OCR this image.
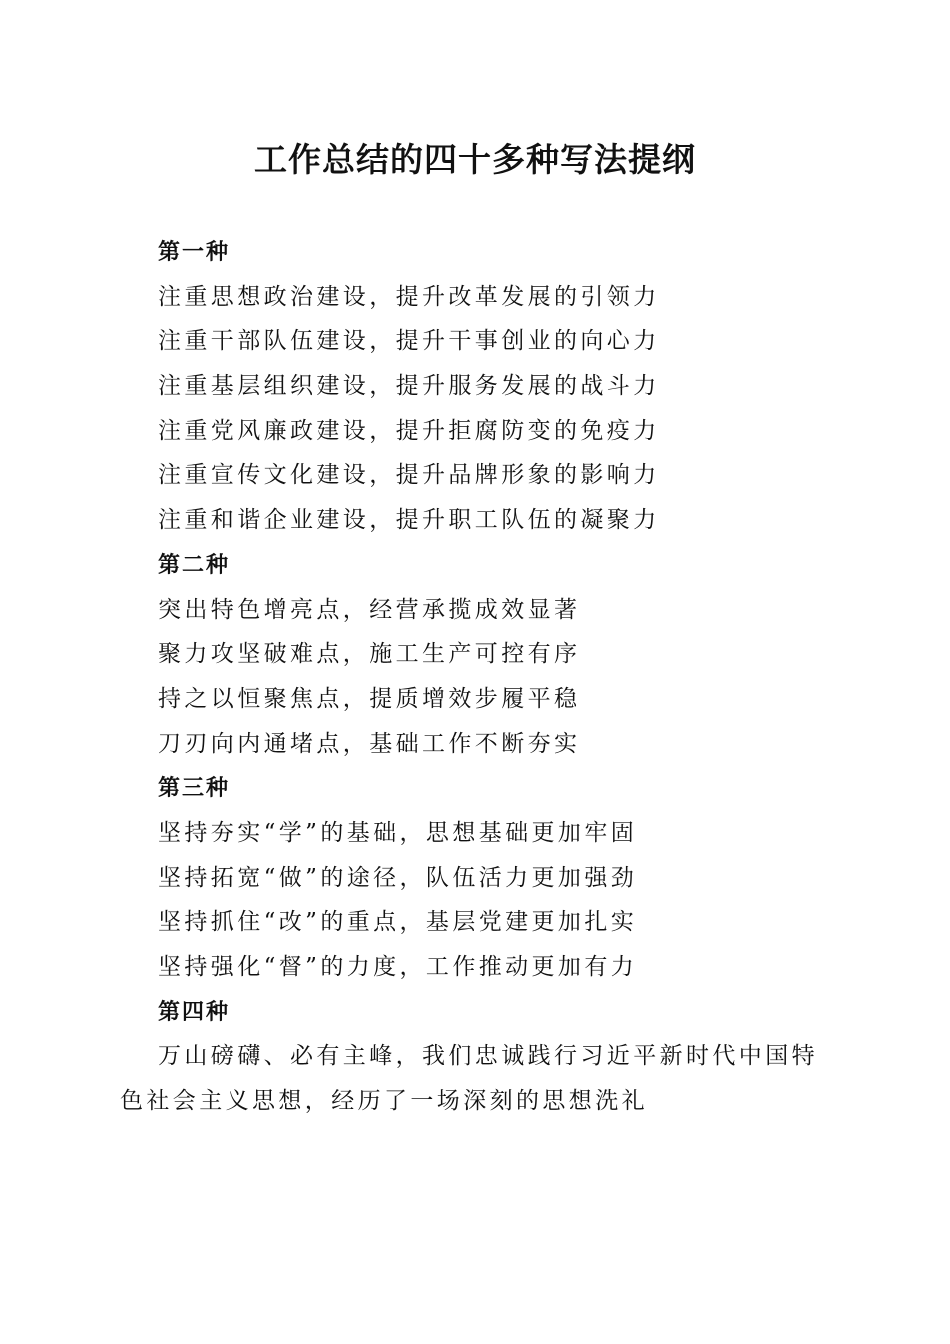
工作总结的四十多种写法提纲
第一种
注重思想政治建设，提升改革发展的引领力
注重干部队伍建设，提升干事创业的向心力
注重基层组织建设，提升服务发展的战斗力
注重党风廉政建设，提升拒腐防变的免疫力
注重宣传文化建设，提升品牌形象的影响力
注重和谐企业建设，提升职工队伍的凝聚力
第二种
突出特色增亮点，经营承揽成效显著
聚力攻坚破难点，施工生产可控有序
持之以恒聚焦点，提质增效步履平稳
刀刃向内通堵点，基础工作不断夯实
第三种
坚持夯实“学”的基础，思想基础更加牢固
坚持拓宽“做”的途径，队伍活力更加强劲
坚持抓住“改”的重点，基层党建更加扎实
坚持强化“督”的力度，工作推动更加有力
第四种

万山磅礴、必有主峰，我们忠诚践行习近平新时代中国特色社会主义思想，经历了一场深刻的思想洗礼
